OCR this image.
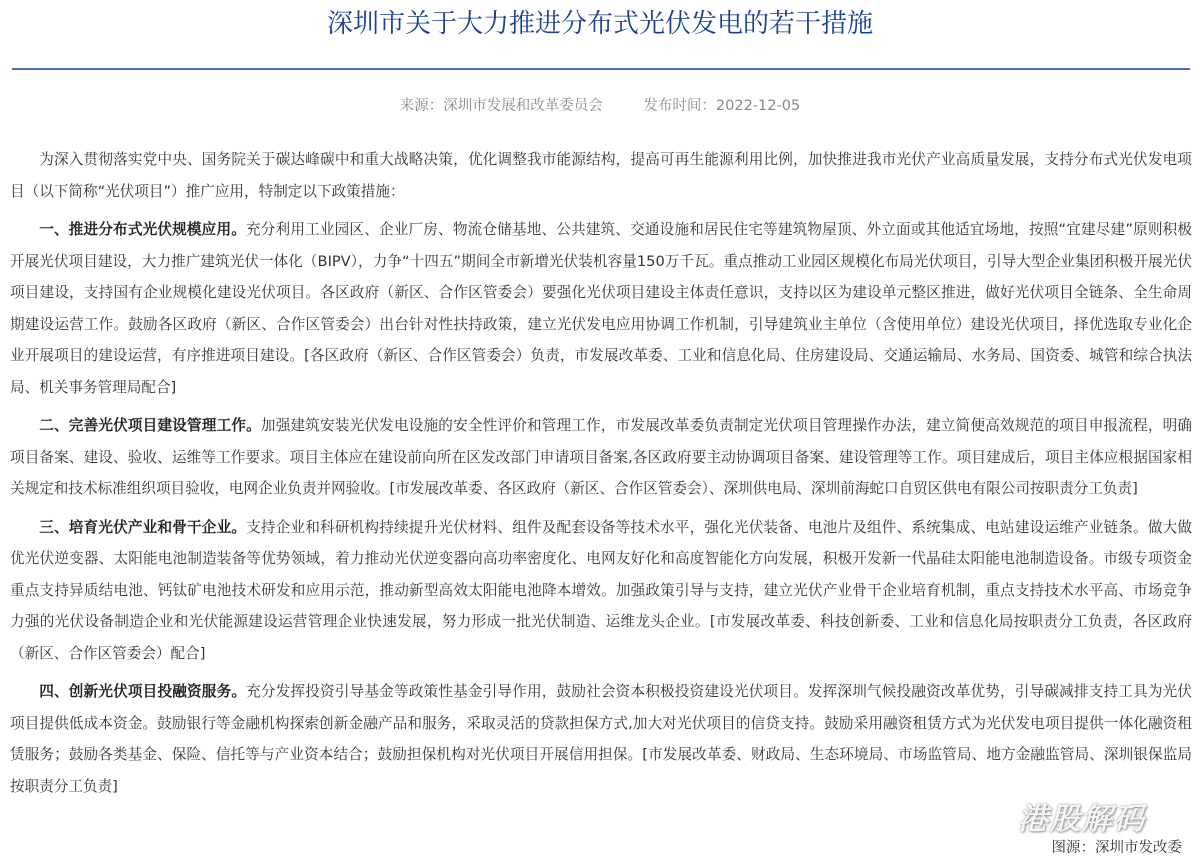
深圳市关于大力推进分布式光伏发电的若干措施
来源：深圳市发展和改革委员会	发布时间：2022-12-05

为深入贯彻落实党中央、国务院关于碳达峰碳中和重大战略决策，优化调整我市能源结构，提高可再生能源利用比例，加快推进我市光伏产业高质量发展，支持分布式光伏发电项目（以下简称“光伏项目”）推广应用，特制定以下政策措施：

一、推进分布式光伏规模应用。充分利用工业园区、企业厂房、物流仓储基地、公共建筑、交通设施和居民住宅等建筑物屋顶、外立面或其他适宜场地，按照“宜建尽建”原则积极开展光伏项目建设，大力推广建筑光伏一体化（BIPV），力争“十四五”期间全市新增光伏装机容量150万千瓦。重点推动工业园区规模化布局光伏项目，引导大型企业集团积极开展光伏项目建设，支持国有企业规模化建设光伏项目。各区政府（新区、合作区管委会）要强化光伏项目建设主体责任意识，支持以区为建设单元整区推进，做好光伏项目全链条、全生命周期建设运营工作。鼓励各区政府（新区、合作区管委会）出台针对性扶持政策，建立光伏发电应用协调工作机制，引导建筑业主单位（含使用单位）建设光伏项目，择优选取专业化企业开展项目的建设运营，有序推进项目建设。[各区政府（新区、合作区管委会）负责，市发展改革委、工业和信息化局、住房建设局、交通运输局、水务局、国资委、城管和综合执法局、机关事务管理局配合]

二、完善光伏项目建设管理工作。加强建筑安装光伏发电设施的安全性评价和管理工作，市发展改革委负责制定光伏项目管理操作办法，建立简便高效规范的项目申报流程，明确项目备案、建设、验收、运维等工作要求。项目主体应在建设前向所在区发改部门申请项目备案,各区政府要主动协调项目备案、建设管理等工作。项目建成后，项目主体应根据国家相关规定和技术标准组织项目验收，电网企业负责并网验收。[市发展改革委、各区政府（新区、合作区管委会）、深圳供电局、深圳前海蛇口自贸区供电有限公司按职责分工负责]

三、培育光伏产业和骨干企业。支持企业和科研机构持续提升光伏材料、组件及配套设备等技术水平，强化光伏装备、电池片及组件、系统集成、电站建设运维产业链条。做大做优光伏逆变器、太阳能电池制造装备等优势领域，着力推动光伏逆变器向高功率密度化、电网友好化和高度智能化方向发展，积极开发新一代晶硅太阳能电池制造设备。市级专项资金重点支持异质结电池、钙钛矿电池技术研发和应用示范，推动新型高效太阳能电池降本增效。加强政策引导与支持，建立光伏产业骨干企业培育机制，重点支持技术水平高、市场竞争力强的光伏设备制造企业和光伏能源建设运营管理企业快速发展，努力形成一批光伏制造、运维龙头企业。[市发展改革委、科技创新委、工业和信息化局按职责分工负责，各区政府（新区、合作区管委会）配合]

四、创新光伏项目投融资服务。充分发挥投资引导基金等政策性基金引导作用，鼓励社会资本积极投资建设光伏项目。发挥深圳气候投融资改革优势，引导碳减排支持工具为光伏项目提供低成本资金。鼓励银行等金融机构探索创新金融产品和服务，采取灵活的贷款担保方式,加大对光伏项目的信贷支持。鼓励采用融资租赁方式为光伏发电项目提供一体化融资租赁服务；鼓励各类基金、保险、信托等与产业资本结合；鼓励担保机构对光伏项目开展信用担保。[市发展改革委、财政局、生态环境局、市场监管局、地方金融监管局、深圳银保监局按职责分工负责]

港股解码
图源：深圳市发改委
